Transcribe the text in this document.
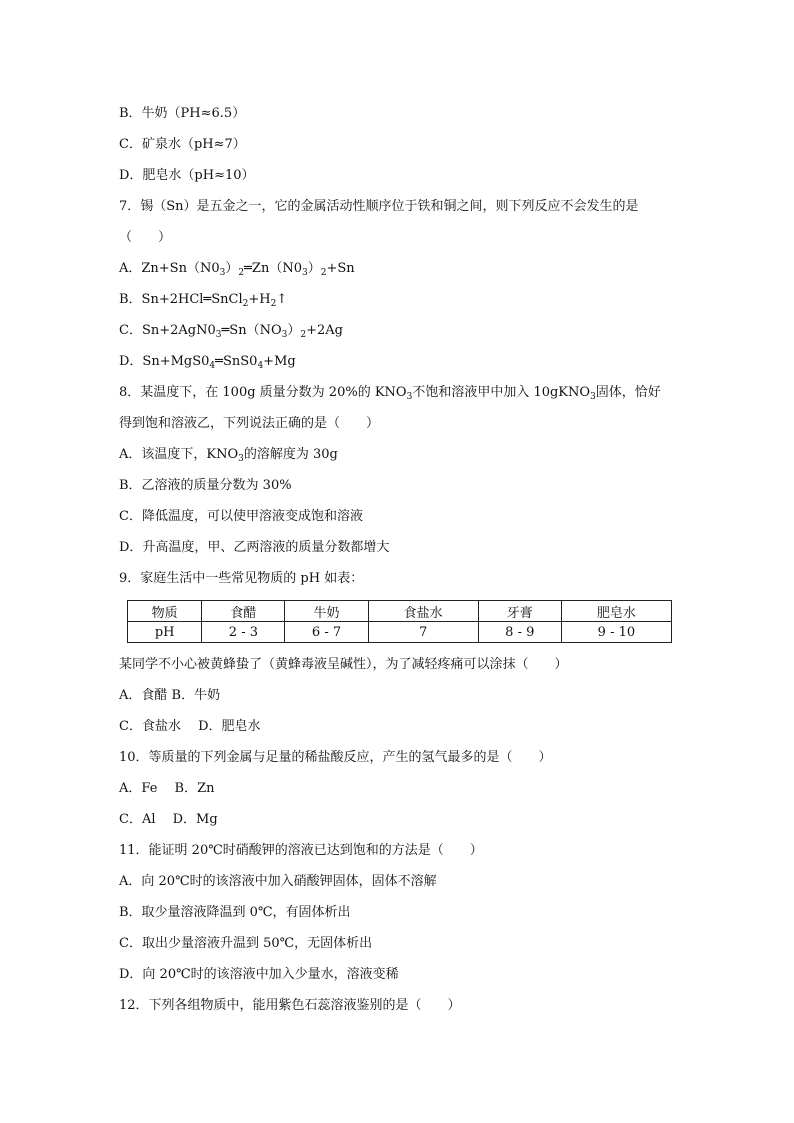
B．牛奶（PH≈6.5）
C．矿泉水（pH≈7）
D．肥皂水（pH≈10）
7．锡（Sn）是五金之一，它的金属活动性顺序位于铁和铜之间，则下列反应不会发生的是
（　　）
A．$Zn+Sn(N0_3)_2═Zn(N0_3)_2+Sn$
B．$Sn+2HCl═SnCl_2+H_2↑$
C．$Sn+2AgN0_3═Sn(NO_3)_2+2Ag$
D．$Sn+MgS0_4═SnS0_4+Mg$
8．某温度下，在 100g 质量分数为 20%的 $KNO_3$不饱和溶液甲中加入 10gKNO$_3$固体，恰好
得到饱和溶液乙，下列说法正确的是（　　）
A．该温度下，$KNO_3$的溶解度为 30g
B．乙溶液的质量分数为 30%
C．降低温度，可以使甲溶液变成饱和溶液
D．升高温度，甲、乙两溶液的质量分数都增大
9．家庭生活中一些常见物质的 pH 如表：
物质	食醋	牛奶	食盐水	牙膏	肥皂水
pH	2 - 3	6 - 7	7	8 - 9	9 - 10
某同学不小心被黄蜂蛰了（黄蜂毒液呈碱性），为了减轻疼痛可以涂抹（　　）
A．食醋 B．牛奶
C．食盐水　 D．肥皂水
10．等质量的下列金属与足量的稀盐酸反应，产生的氢气最多的是（　　）
A．Fe　 B．Zn
C．Al　 D．Mg
11．能证明 20℃时硝酸钾的溶液已达到饱和的方法是（　　）
A．向 20℃时的该溶液中加入硝酸钾固体，固体不溶解
B．取少量溶液降温到 0℃，有固体析出
C．取出少量溶液升温到 50℃，无固体析出
D．向 20℃时的该溶液中加入少量水，溶液变稀
12．下列各组物质中，能用紫色石蕊溶液鉴别的是（　　）
